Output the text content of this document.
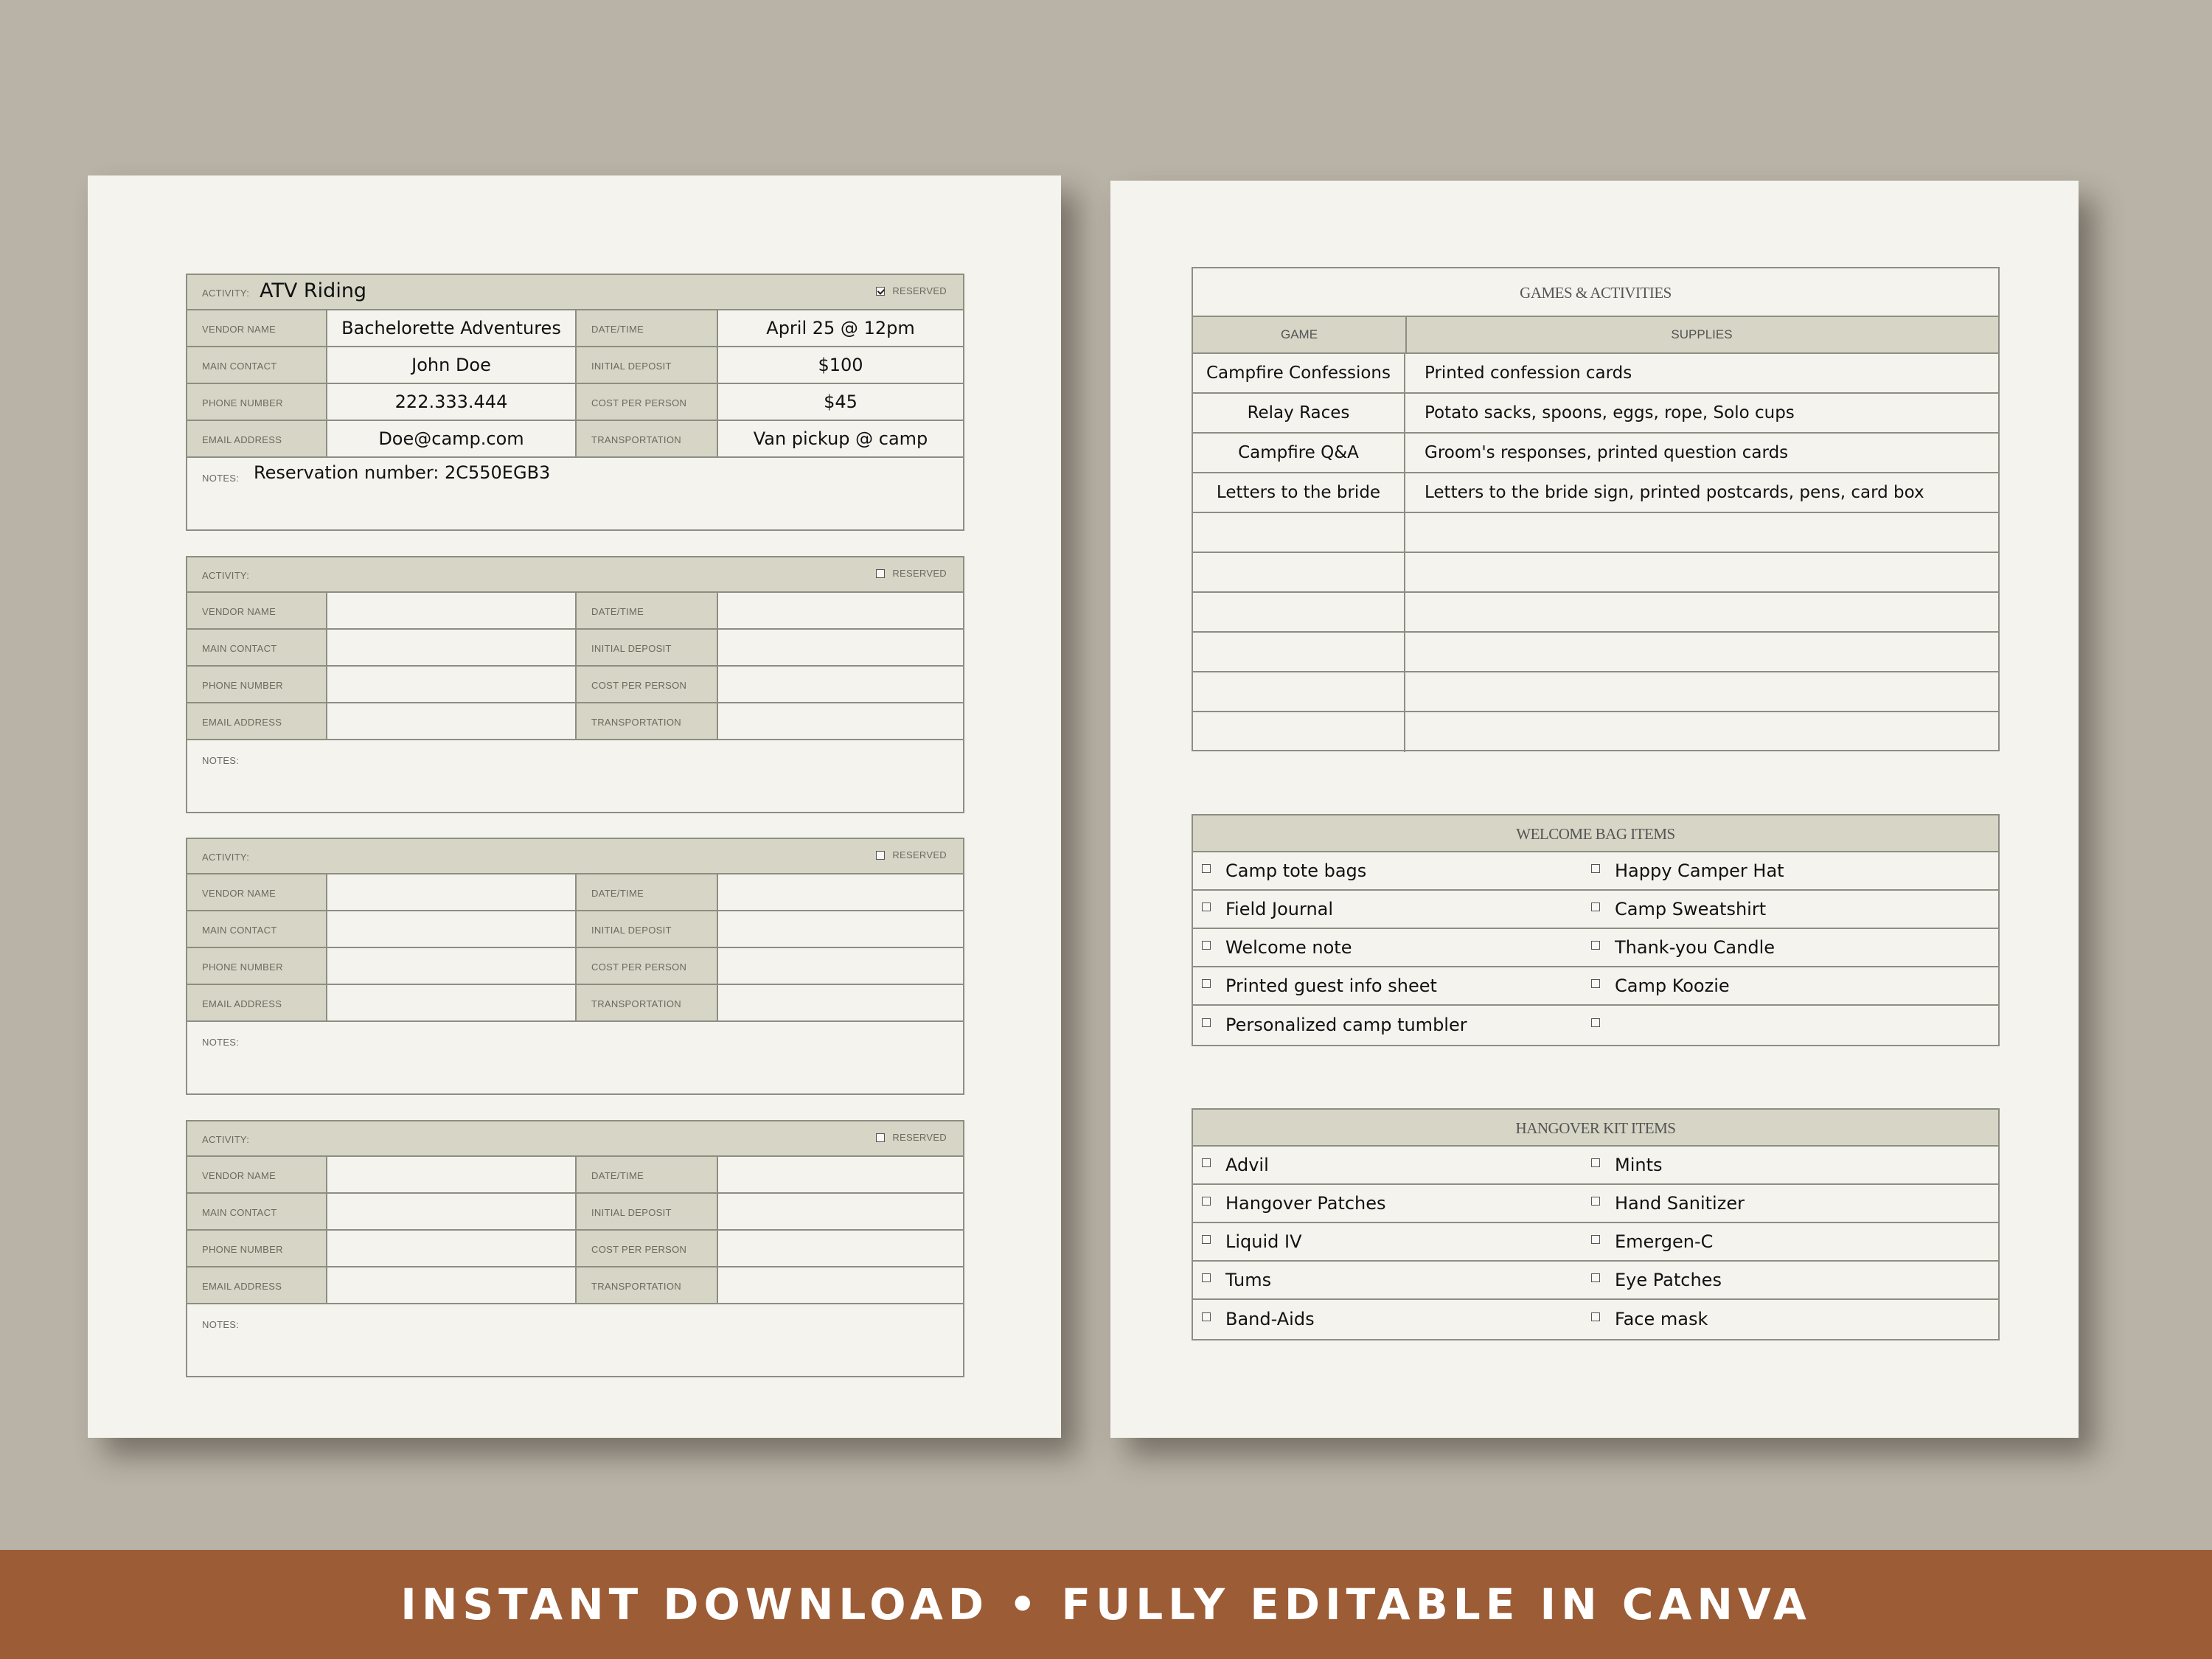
ACTIVITY: ATV Riding	RESERVED
VENDOR NAME	Bachelorette Adventures	DATE/TIME	April 25 @ 12pm
MAIN CONTACT	John Doe	INITIAL DEPOSIT	$100
PHONE NUMBER	222.333.444	COST PER PERSON	$45
EMAIL ADDRESS	Doe@camp.com	TRANSPORTATION	Van pickup @ camp
NOTES: Reservation number: 2C550EGB3
ACTIVITY:	RESERVED
VENDOR NAME	DATE/TIME
MAIN CONTACT	INITIAL DEPOSIT
PHONE NUMBER	COST PER PERSON
EMAIL ADDRESS	TRANSPORTATION
NOTES:
ACTIVITY:	RESERVED
VENDOR NAME	DATE/TIME
MAIN CONTACT	INITIAL DEPOSIT
PHONE NUMBER	COST PER PERSON
EMAIL ADDRESS	TRANSPORTATION
NOTES:
ACTIVITY:	RESERVED
VENDOR NAME	DATE/TIME
MAIN CONTACT	INITIAL DEPOSIT
PHONE NUMBER	COST PER PERSON
EMAIL ADDRESS	TRANSPORTATION
NOTES:
GAMES & ACTIVITIES
GAME	SUPPLIES
Campfire Confessions	Printed confession cards
Relay Races	Potato sacks, spoons, eggs, rope, Solo cups
Campfire Q&A	Groom's responses, printed question cards
Letters to the bride	Letters to the bride sign, printed postcards, pens, card box
WELCOME BAG ITEMS
Camp tote bags	Happy Camper Hat
Field Journal	Camp Sweatshirt
Welcome note	Thank-you Candle
Printed guest info sheet	Camp Koozie
Personalized camp tumbler
HANGOVER KIT ITEMS
Advil	Mints
Hangover Patches	Hand Sanitizer
Liquid IV	Emergen-C
Tums	Eye Patches
Band-Aids	Face mask
INSTANT DOWNLOAD • FULLY EDITABLE IN CANVA
